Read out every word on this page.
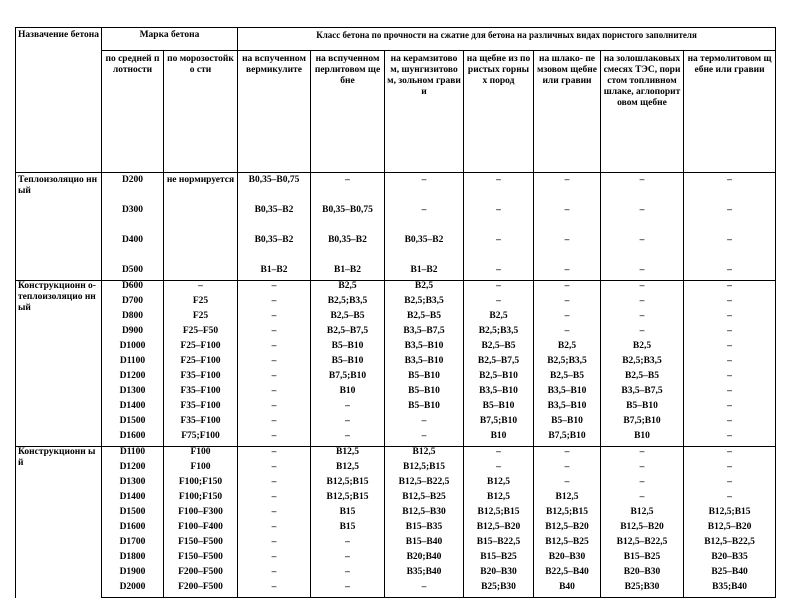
Назвачение бетона	Марка бетона		Класс бетона по прочности на сжатие для бетона на различных видах пористого заполнителя						
	по средней плотности	по морозостойко сти	на вспученном вермикулите	на вспученном перлитовом щебне	на керамзитовом, шунгизитовом, зольном гравии	на щебне из пористых горных пород	на шлако- пемзовом щебне или гравии	на золошлаковых смесях ТЭС, пористом топливном шлаке, аглопоритовом щебне	на термолитовом щебне или гравии
Теплоизоляцио нный	D200	не нормируется	B0,35–B0,75	–	–	–	–	–	–

	D300		B0,35–B2	B0,35–B0,75	–	–	–	–	–

	D400		B0,35–B2	B0,35–B2	B0,35–B2	–	–	–	–

	D500		B1–B2	B1–B2	B1–B2	–	–	–	–
Конструкционн о- теплоизоляцио нный	D600	–	–	B2,5	B2,5	–	–	–	–
	D700	F25	–	B2,5;B3,5	B2,5;B3,5	–	–	–	–
	D800	F25	–	B2,5–B5	B2,5–B5	B2,5	–	–	–
	D900	F25–F50	–	B2,5–B7,5	B3,5–B7,5	B2,5;B3,5	–	–	–
	D1000	F25–F100	–	B5–B10	B3,5–B10	B2,5–B5	B2,5	B2,5	–
	D1100	F25–F100	–	B5–B10	B3,5–B10	B2,5–B7,5	B2,5;B3,5	B2,5;B3,5	–
	D1200	F35–F100	–	B7,5;B10	B5–B10	B2,5–B10	B2,5–B5	B2,5–B5	–
	D1300	F35–F100	–	B10	B5–B10	B3,5–B10	B3,5–B10	B3,5–B7,5	–
	D1400	F35–F100	–	–	B5–B10	B5–B10	B3,5–B10	B5–B10	–
	D1500	F35–F100	–	–	–	B7,5;B10	B5–B10	B7,5;B10	–
	D1600	F75;F100	–	–	–	B10	B7,5;B10	B10	–
Конструкционн ый	D1100	F100	–	B12,5	B12,5	–	–	–	–
	D1200	F100	–	B12,5	B12,5;B15	–	–	–	–
	D1300	F100;F150	–	B12,5;B15	B12,5–B22,5	B12,5	–	–	–
	D1400	F100;F150	–	B12,5;B15	B12,5–B25	B12,5	B12,5	–	–
	D1500	F100–F300	–	B15	B12,5–B30	B12,5;B15	B12,5;B15	B12,5	B12,5;B15
	D1600	F100–F400	–	B15	B15–B35	B12,5–B20	B12,5–B20	B12,5–B20	B12,5–B20
	D1700	F150–F500	–	–	B15–B40	B15–B22,5	B12,5–B25	B12,5–B22,5	B12,5–B22,5
	D1800	F150–F500	–	–	B20;B40	B15–B25	B20–B30	B15–B25	B20–B35
	D1900	F200–F500	–	–	B35;B40	B20–B30	B22,5–B40	B20–B30	B25–B40
	D2000	F200–F500	–	–	–	B25;B30	B40	B25;B30	B35;B40
